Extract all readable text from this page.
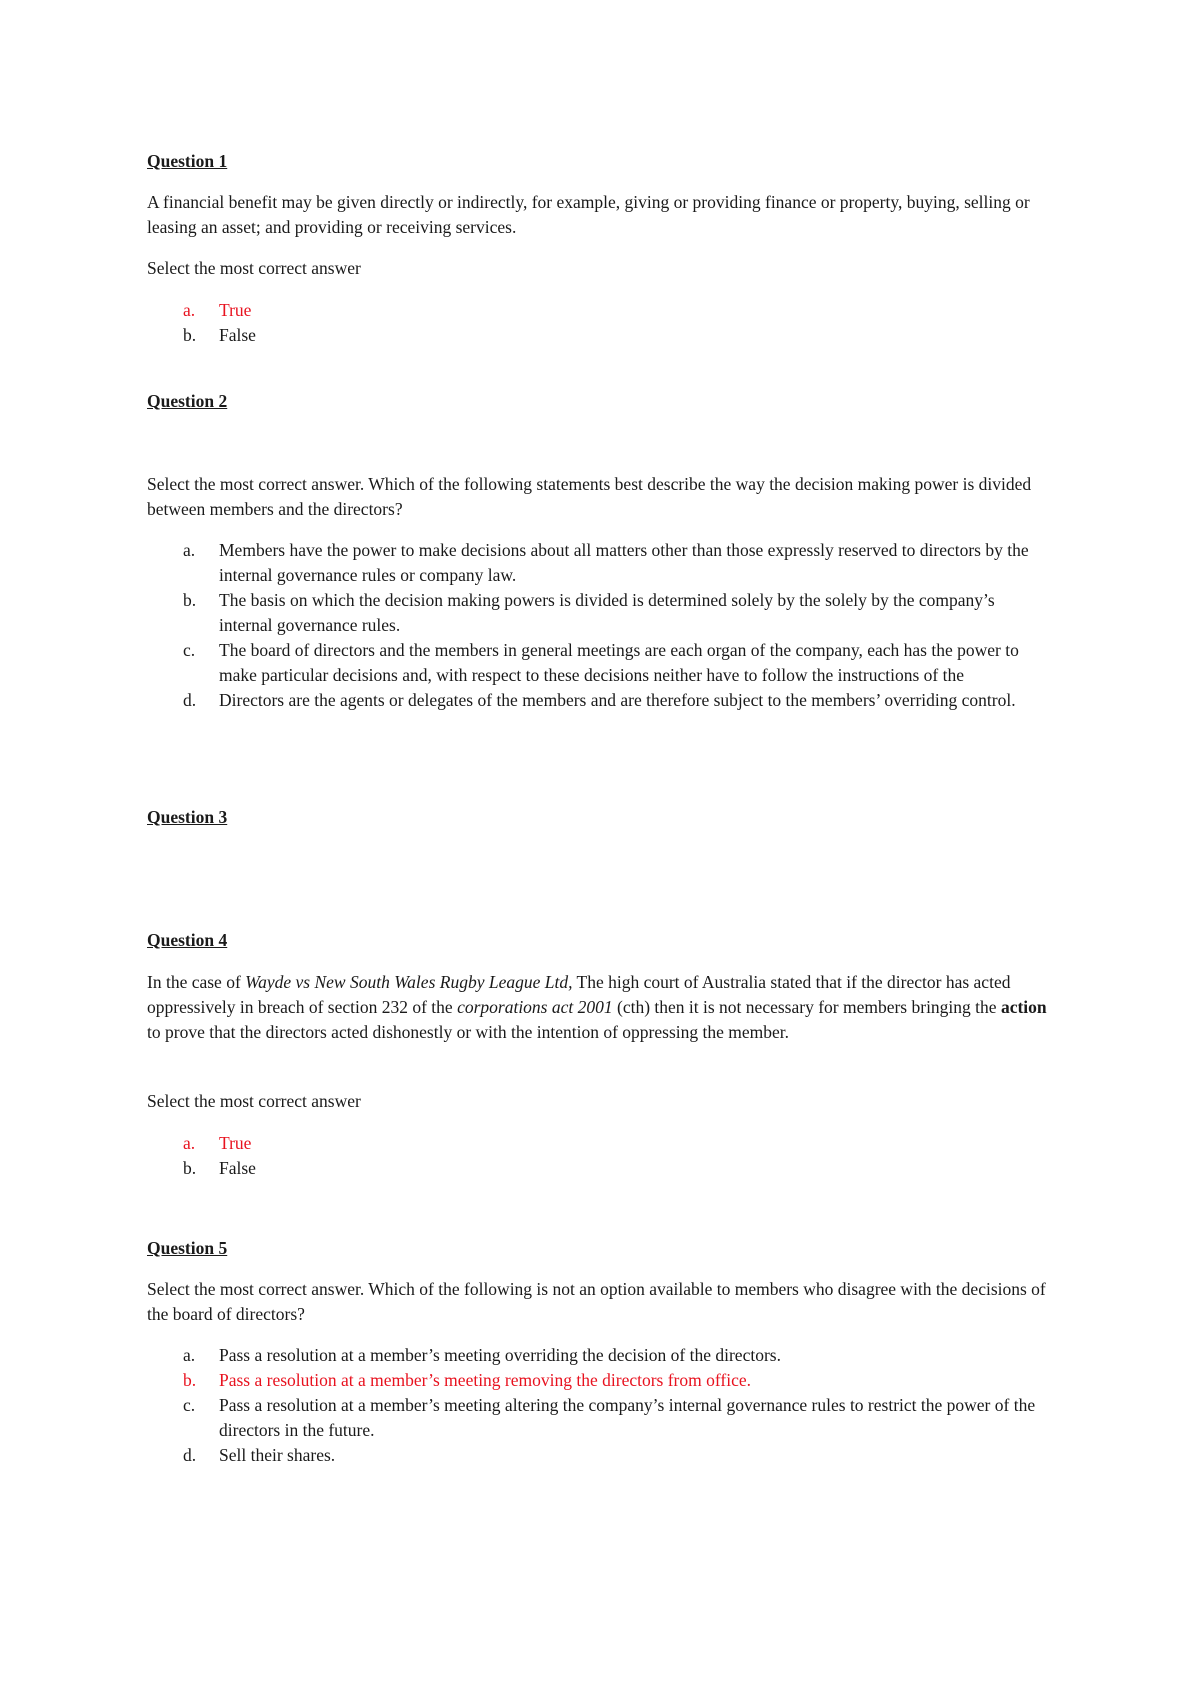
Question 1

A financial benefit may be given directly or indirectly, for example, giving or providing finance or property, buying, selling or leasing an asset; and providing or receiving services.

Select the most correct answer

a. True
b. False
Question 2

Select the most correct answer. Which of the following statements best describe the way the decision making power is divided between members and the directors?

a. Members have the power to make decisions about all matters other than those expressly reserved to directors by the internal governance rules or company law.
b. The basis on which the decision making powers is divided is determined solely by the solely by the company’s internal governance rules.
c. The board of directors and the members in general meetings are each organ of the company, each has the power to make particular decisions and, with respect to these decisions neither have to follow the instructions of the
d. Directors are the agents or delegates of the members and are therefore subject to the members’ overriding control.
Question 3
Question 4

In the case of Wayde vs New South Wales Rugby League Ltd, The high court of Australia stated that if the director has acted oppressively in breach of section 232 of the corporations act 2001 (cth) then it is not necessary for members bringing the action to prove that the directors acted dishonestly or with the intention of oppressing the member.

Select the most correct answer

a. True
b. False
Question 5

Select the most correct answer. Which of the following is not an option available to members who disagree with the decisions of the board of directors?

a. Pass a resolution at a member’s meeting overriding the decision of the directors.
b. Pass a resolution at a member’s meeting removing the directors from office.
c. Pass a resolution at a member’s meeting altering the company’s internal governance rules to restrict the power of the directors in the future.
d. Sell their shares.
